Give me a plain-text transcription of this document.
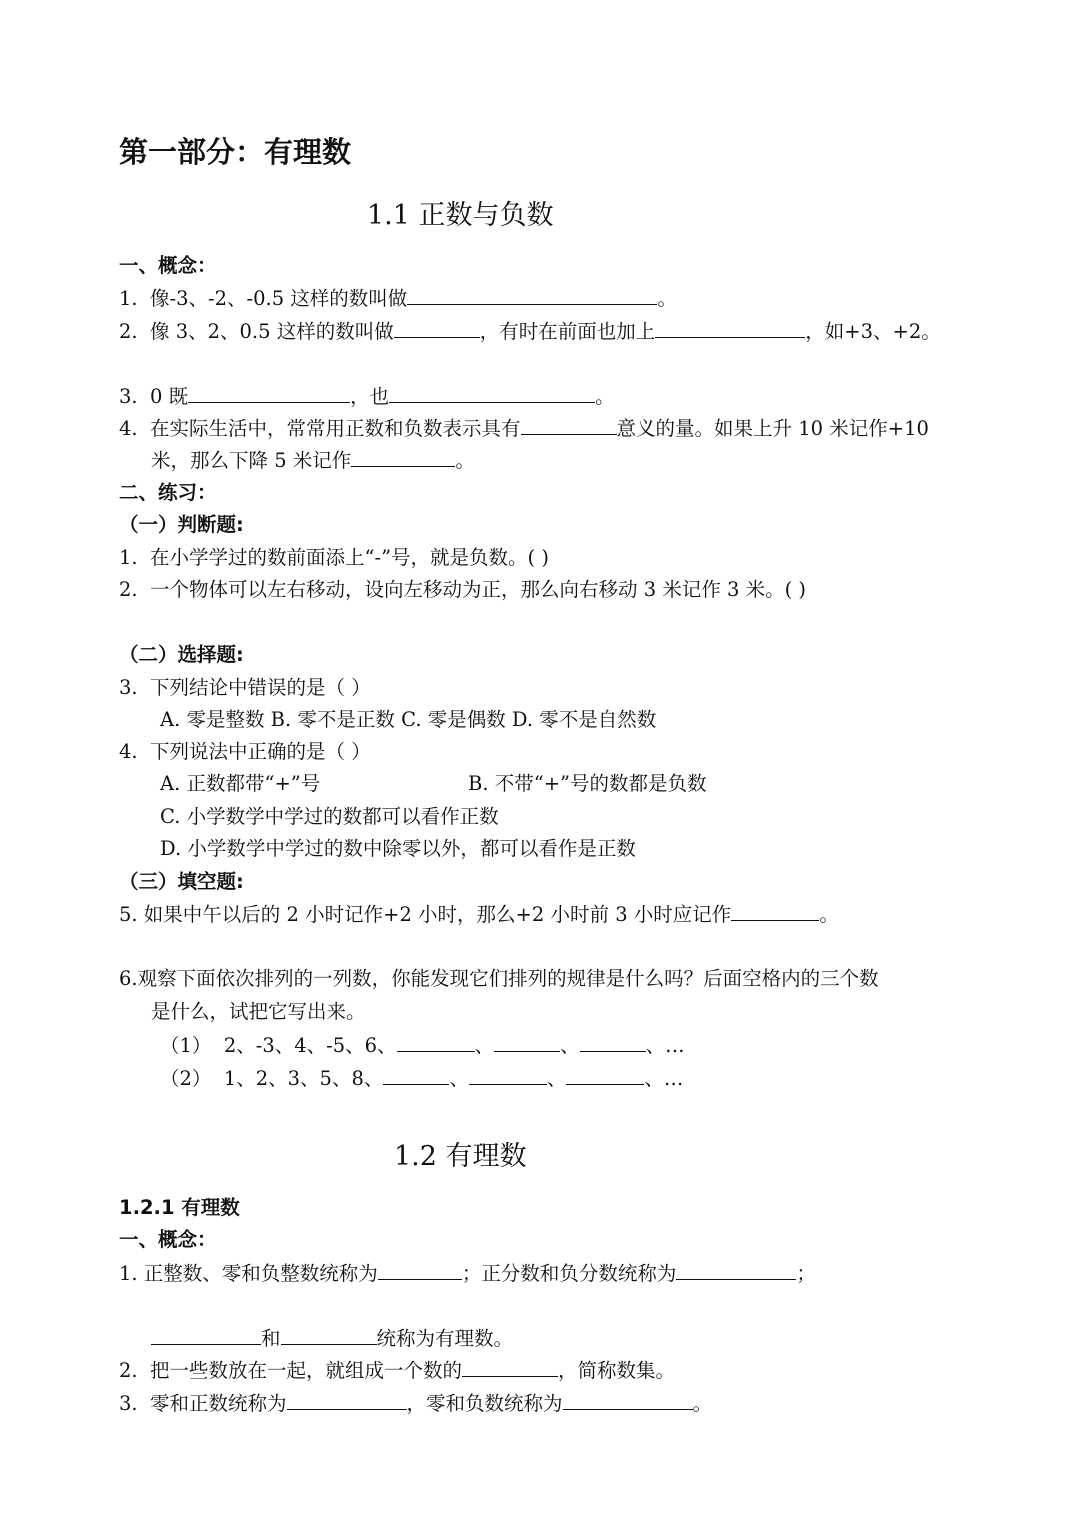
第一部分：有理数
1.1 正数与负数
一、概念：
1. 像-3、-2、-0.5 这样的数叫做	。
2. 像 3、2、0.5 这样的数叫做	，有时在前面也加上	，如+3、+2。
3. 0 既	，也	。
4. 在实际生活中，常常用正数和负数表示具有	意义的量。如果上升 10 米记作+10
米，那么下降 5 米记作	。
二、练习：
（一）判断题:
1. 在小学学过的数前面添上“-”号，就是负数。( )
2. 一个物体可以左右移动，设向左移动为正，那么向右移动 3 米记作 3 米。( )
（二）选择题:
3. 下列结论中错误的是（ ）
A. 零是整数 B. 零不是正数 C. 零是偶数 D. 零不是自然数
4. 下列说法中正确的是（ ）
A. 正数都带“+”号	B. 不带“+”号的数都是负数
C. 小学数学中学过的数都可以看作正数
D. 小学数学中学过的数中除零以外，都可以看作是正数
（三）填空题:
5. 如果中午以后的 2 小时记作+2 小时，那么+2 小时前 3 小时应记作	。
6.观察下面依次排列的一列数，你能发现它们排列的规律是什么吗？后面空格内的三个数
是什么，试把它写出来。
（1） 2、-3、4、-5、6、	、	、	、…
（2） 1、2、3、5、8、	、	、	、…
1.2 有理数
1.2.1 有理数
一、概念：
1. 正整数、零和负整数统称为	；正分数和负分数统称为	；
和	统称为有理数。
2. 把一些数放在一起，就组成一个数的	，简称数集。
3. 零和正数统称为	，零和负数统称为	。
